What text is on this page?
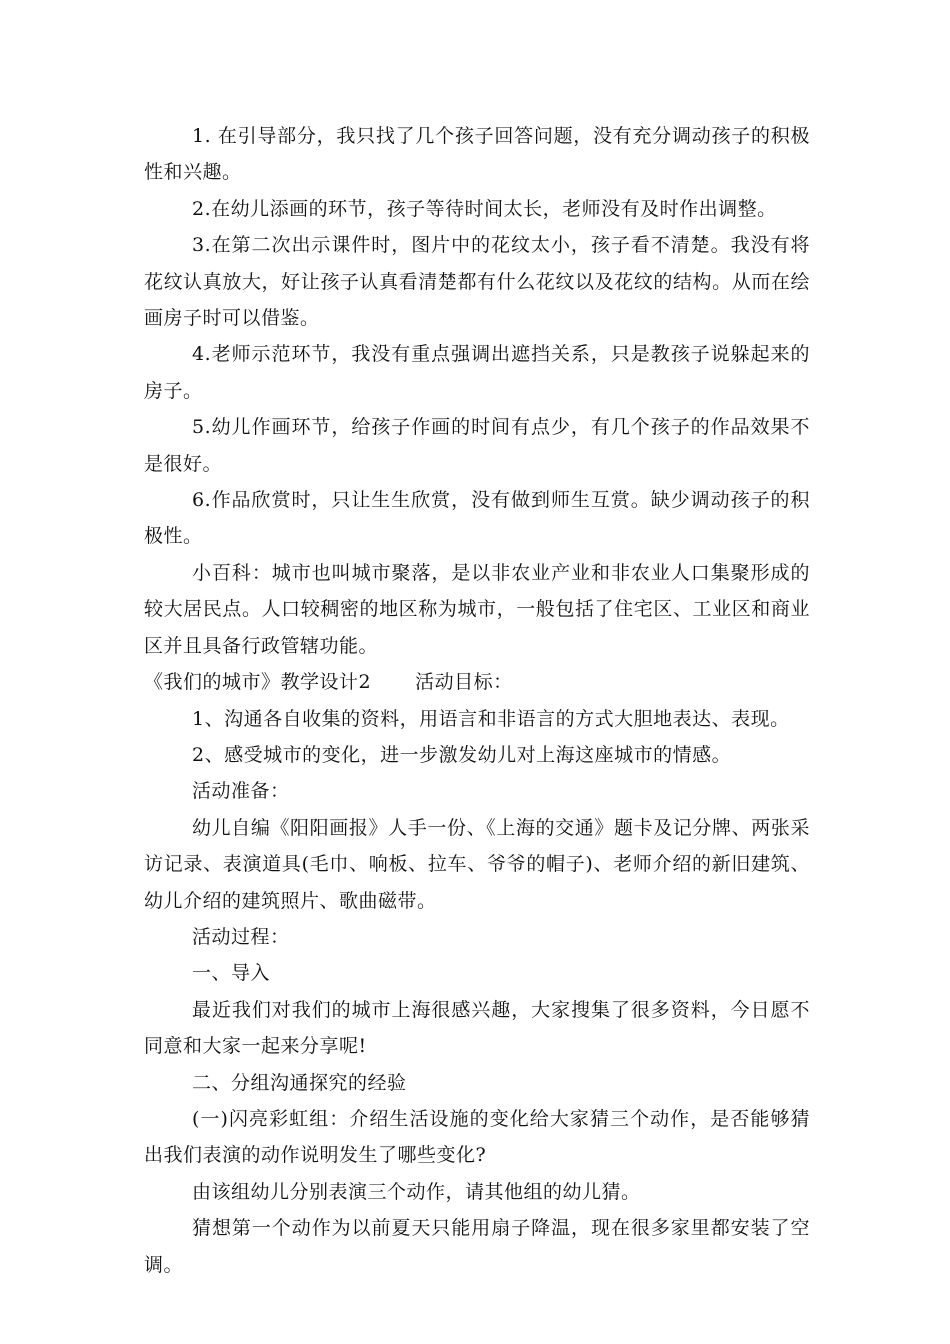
1. 在引导部分，我只找了几个孩子回答问题，没有充分调动孩子的积极性和兴趣。

2.在幼儿添画的环节，孩子等待时间太长，老师没有及时作出调整。

3.在第二次出示课件时，图片中的花纹太小，孩子看不清楚。我没有将花纹认真放大，好让孩子认真看清楚都有什么花纹以及花纹的结构。从而在绘画房子时可以借鉴。

4.老师示范环节，我没有重点强调出遮挡关系，只是教孩子说躲起来的房子。

5.幼儿作画环节，给孩子作画的时间有点少，有几个孩子的作品效果不是很好。

6.作品欣赏时，只让生生欣赏，没有做到师生互赏。缺少调动孩子的积极性。

小百科：城市也叫城市聚落，是以非农业产业和非农业人口集聚形成的较大居民点。人口较稠密的地区称为城市，一般包括了住宅区、工业区和商业区并且具备行政管辖功能。

《我们的城市》教学设计2 活动目标：

1、沟通各自收集的资料，用语言和非语言的方式大胆地表达、表现。

2、感受城市的变化，进一步激发幼儿对上海这座城市的情感。

活动准备：

幼儿自编《阳阳画报》人手一份、《上海的交通》题卡及记分牌、两张采访记录、表演道具(毛巾、响板、拉车、爷爷的帽子)、老师介绍的新旧建筑、幼儿介绍的建筑照片、歌曲磁带。

活动过程：

一、导入

最近我们对我们的城市上海很感兴趣，大家搜集了很多资料，今日愿不同意和大家一起来分享呢!

二、分组沟通探究的经验

(一)闪亮彩虹组：介绍生活设施的变化给大家猜三个动作，是否能够猜出我们表演的动作说明发生了哪些变化?

由该组幼儿分别表演三个动作，请其他组的幼儿猜。

猜想第一个动作为以前夏天只能用扇子降温，现在很多家里都安装了空调。
